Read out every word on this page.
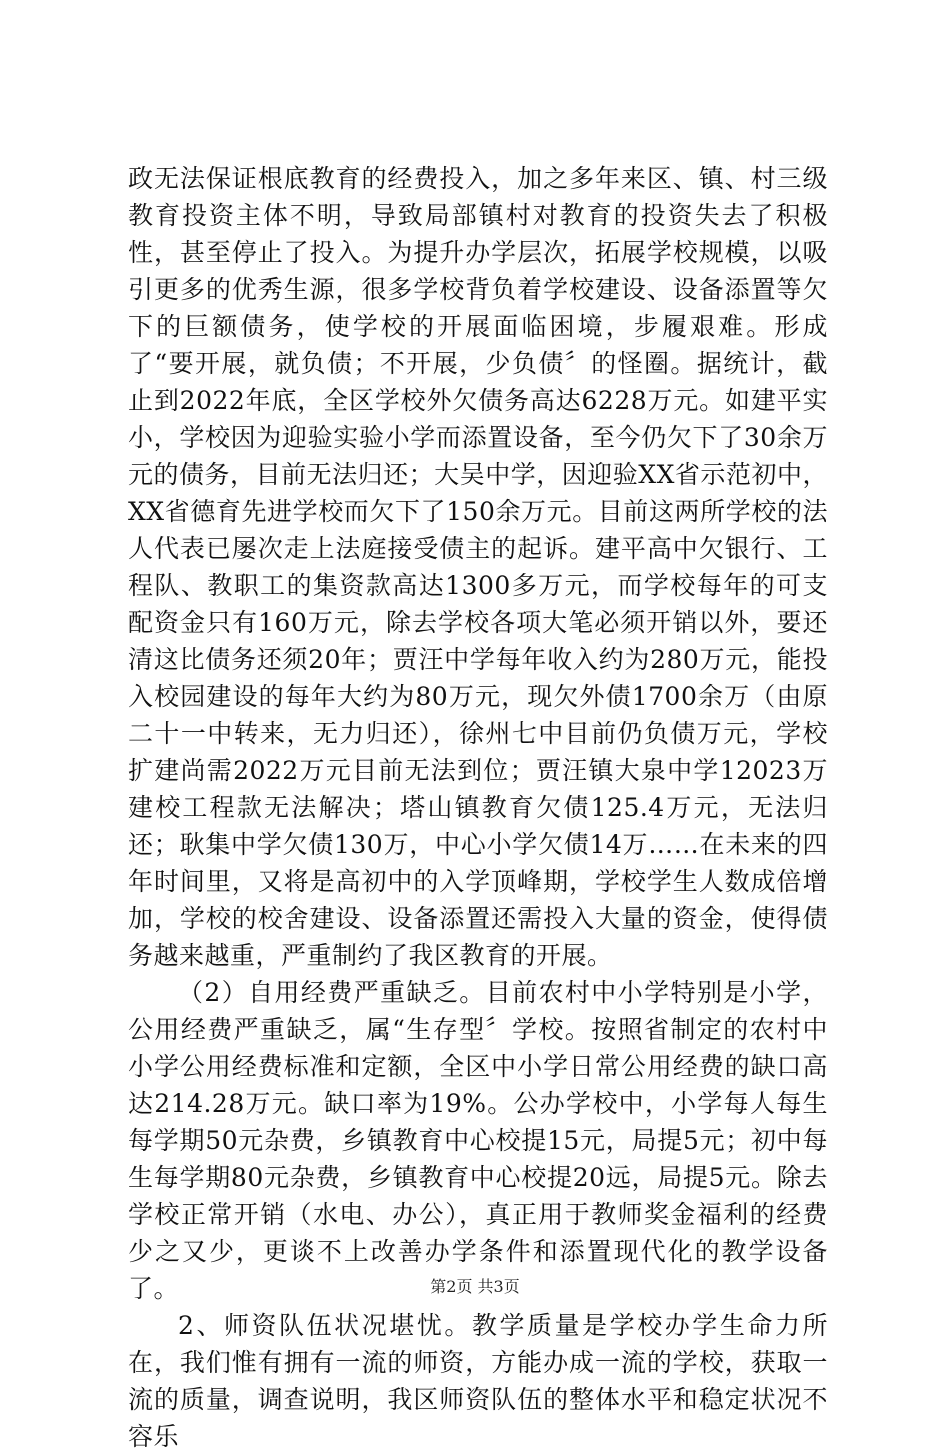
政无法保证根底教育的经费投入，加之多年来区、镇、村三级教育投资主体不明，导致局部镇村对教育的投资失去了积极性，甚至停止了投入。为提升办学层次，拓展学校规模，以吸引更多的优秀生源，很多学校背负着学校建设、设备添置等欠下的巨额债务，使学校的开展面临困境，步履艰难。形成了“要开展，就负债；不开展，少负债〞的怪圈。据统计，截止到2022年底，全区学校外欠债务高达6228万元。如建平实小，学校因为迎验实验小学而添置设备，至今仍欠下了30余万元的债务，目前无法归还；大吴中学，因迎验XX省示范初中，XX省德育先进学校而欠下了150余万元。目前这两所学校的法人代表已屡次走上法庭接受债主的起诉。建平高中欠银行、工程队、教职工的集资款高达1300多万元，而学校每年的可支配资金只有160万元，除去学校各项大笔必须开销以外，要还清这比债务还须20年；贾汪中学每年收入约为280万元，能投入校园建设的每年大约为80万元，现欠外债1700余万（由原二十一中转来，无力归还），徐州七中目前仍负债万元，学校扩建尚需2022万元目前无法到位；贾汪镇大泉中学12023万建校工程款无法解决；塔山镇教育欠债125.4万元，无法归还；耿集中学欠债130万，中心小学欠债14万……在未来的四年时间里，又将是高初中的入学顶峰期，学校学生人数成倍增加，学校的校舍建设、设备添置还需投入大量的资金，使得债务越来越重，严重制约了我区教育的开展。

（2）自用经费严重缺乏。目前农村中小学特别是小学，公用经费严重缺乏，属“生存型〞学校。按照省制定的农村中小学公用经费标准和定额，全区中小学日常公用经费的缺口高达214.28万元。缺口率为19%。公办学校中，小学每人每生每学期50元杂费，乡镇教育中心校提15元，局提5元；初中每生每学期80元杂费，乡镇教育中心校提20远，局提5元。除去学校正常开销（水电、办公），真正用于教师奖金福利的经费少之又少，更谈不上改善办学条件和添置现代化的教学设备了。

2、师资队伍状况堪忧。教学质量是学校办学生命力所在，我们惟有拥有一流的师资，方能办成一流的学校，获取一流的质量，调查说明，我区师资队伍的整体水平和稳定状况不容乐

第2页 共3页
